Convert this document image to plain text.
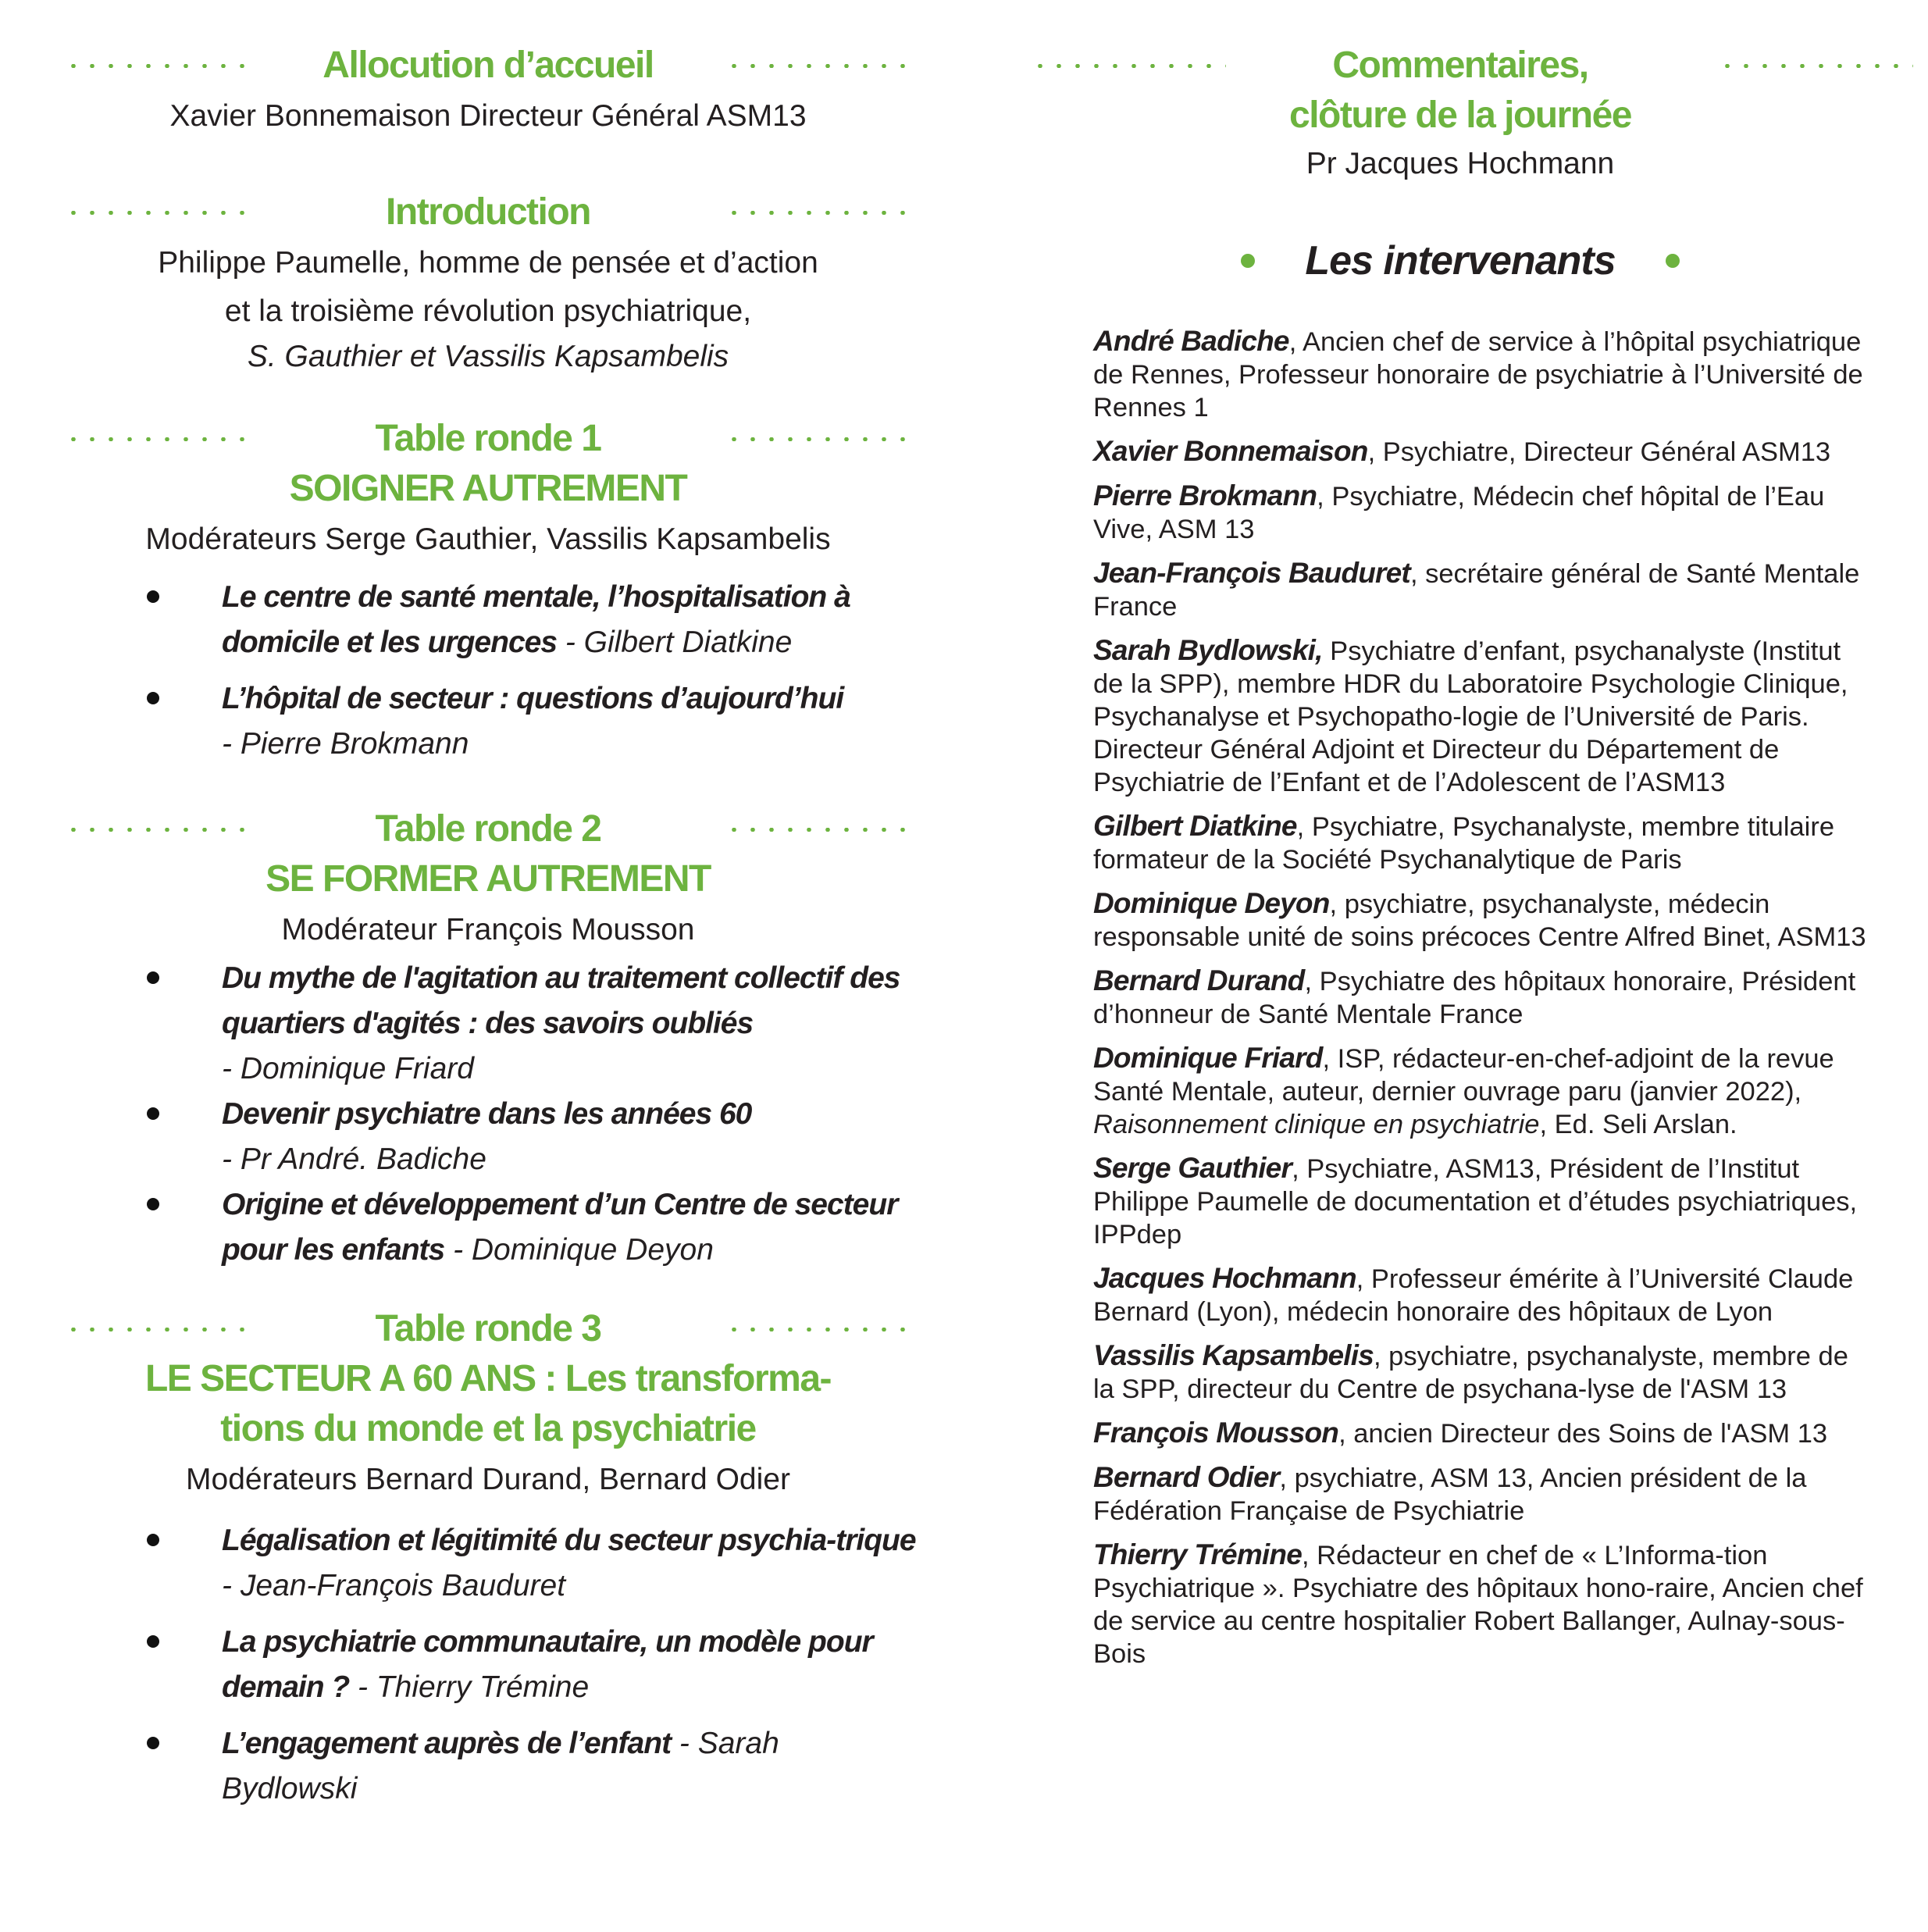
Allocution d’accueil
Xavier Bonnemaison Directeur Général ASM13
Introduction
Philippe Paumelle, homme de pensée et d’action
et la troisième révolution psychiatrique,
S. Gauthier et Vassilis Kapsambelis
Table ronde 1
SOIGNER AUTREMENT
Modérateurs Serge Gauthier, Vassilis Kapsambelis
Le centre de santé mentale, l’hospitalisation à domicile et les urgences - Gilbert Diatkine
L’hôpital de secteur : questions d’aujourd’hui
- Pierre Brokmann
Table ronde 2
SE FORMER AUTREMENT
Modérateur François Mousson
Du mythe de l'agitation au traitement collectif des quartiers d'agités : des savoirs oubliés
- Dominique Friard
Devenir psychiatre dans les années 60
- Pr André. Badiche
Origine et développement d’un Centre de secteur pour les enfants - Dominique Deyon
Table ronde 3
LE SECTEUR A 60 ANS : Les transforma-
tions du monde et la psychiatrie
Modérateurs Bernard Durand, Bernard Odier
Légalisation et légitimité du secteur psychia-trique - Jean-François Bauduret
La psychiatrie communautaire, un modèle pour demain ? - Thierry Trémine
L’engagement auprès de l’enfant - Sarah Bydlowski
Commentaires,
clôture de la journée
Pr Jacques Hochmann
Les intervenants
André Badiche, Ancien chef de service à l’hôpital psychiatrique de Rennes, Professeur honoraire de psychiatrie à l’Université de Rennes 1
Xavier Bonnemaison, Psychiatre, Directeur Général ASM13
Pierre Brokmann, Psychiatre, Médecin chef hôpital de l’Eau Vive, ASM 13
Jean-François Bauduret, secrétaire général de Santé Mentale France
Sarah Bydlowski, Psychiatre d’enfant, psychanalyste (Institut de la SPP), membre HDR du Laboratoire Psychologie Clinique, Psychanalyse et Psychopatho-logie de l’Université de Paris. Directeur Général Adjoint et Directeur du Département de Psychiatrie de l’Enfant et de l’Adolescent de l’ASM13
Gilbert Diatkine, Psychiatre, Psychanalyste, membre titulaire formateur de la Société Psychanalytique de Paris
Dominique Deyon, psychiatre, psychanalyste, médecin responsable unité de soins précoces Centre Alfred Binet, ASM13
Bernard Durand, Psychiatre des hôpitaux honoraire, Président d’honneur de Santé Mentale France
Dominique Friard, ISP, rédacteur-en-chef-adjoint de la revue Santé Mentale, auteur, dernier ouvrage paru (janvier 2022), Raisonnement clinique en psychiatrie, Ed. Seli Arslan.
Serge Gauthier, Psychiatre, ASM13, Président de l’Institut Philippe Paumelle de documentation et d’études psychiatriques, IPPdep
Jacques Hochmann, Professeur émérite à l’Université Claude Bernard (Lyon), médecin honoraire des hôpitaux de Lyon
Vassilis Kapsambelis, psychiatre, psychanalyste, membre de la SPP, directeur du Centre de psychana-lyse de l'ASM 13
François Mousson, ancien Directeur des Soins de l'ASM 13
Bernard Odier, psychiatre, ASM 13, Ancien président de la Fédération Française de Psychiatrie
Thierry Trémine, Rédacteur en chef de « L’Informa-tion Psychiatrique ». Psychiatre des hôpitaux hono-raire, Ancien chef de service au centre hospitalier Robert Ballanger, Aulnay-sous-Bois
